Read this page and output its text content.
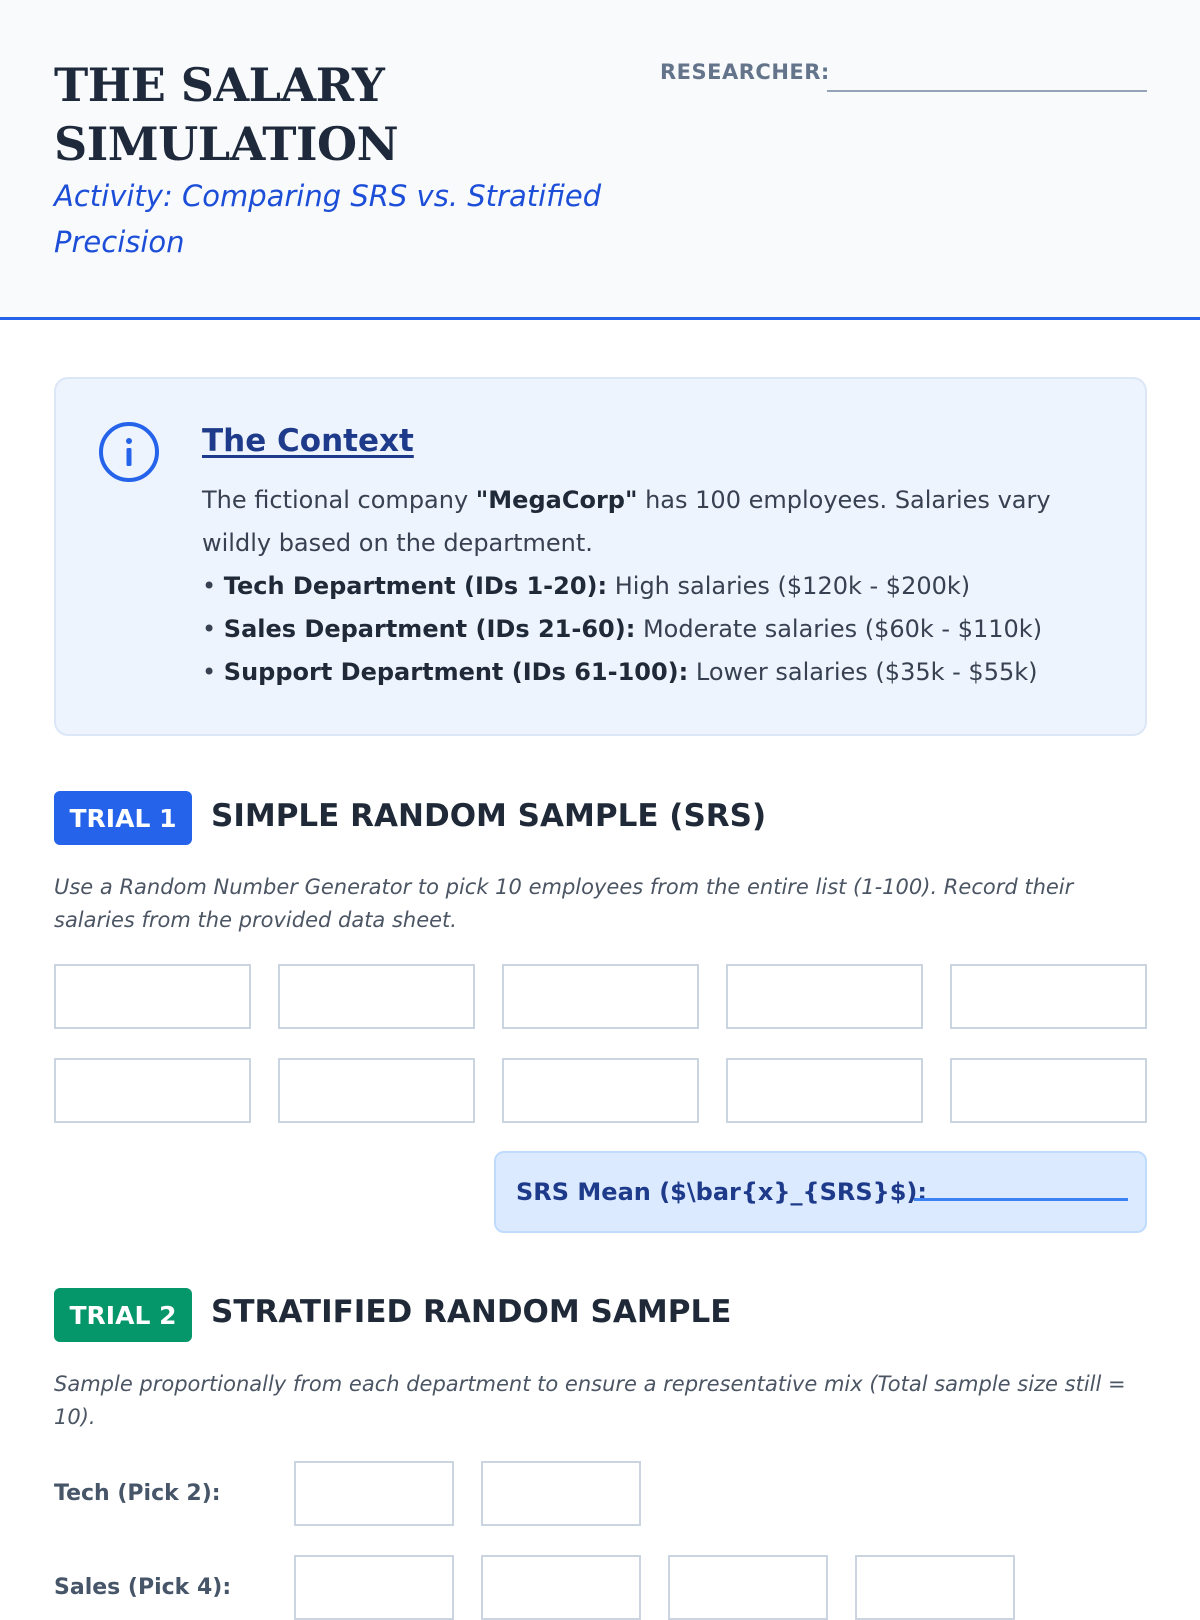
THE SALARY SIMULATION
Activity: Comparing SRS vs. Stratified Precision
RESEARCHER:
The Context
The fictional company "MegaCorp" has 100 employees. Salaries vary wildly based on the department.
• Tech Department (IDs 1-20): High salaries ($120k - $200k)
• Sales Department (IDs 21-60): Moderate salaries ($60k - $110k)
• Support Department (IDs 61-100): Lower salaries ($35k - $55k)
TRIAL 1	SIMPLE RANDOM SAMPLE (SRS)
Use a Random Number Generator to pick 10 employees from the entire list (1-100). Record their salaries from the provided data sheet.
SRS Mean ($\bar{x}_{SRS}$):
TRIAL 2	STRATIFIED RANDOM SAMPLE
Sample proportionally from each department to ensure a representative mix (Total sample size still = 10).
Tech (Pick 2):
Sales (Pick 4):
